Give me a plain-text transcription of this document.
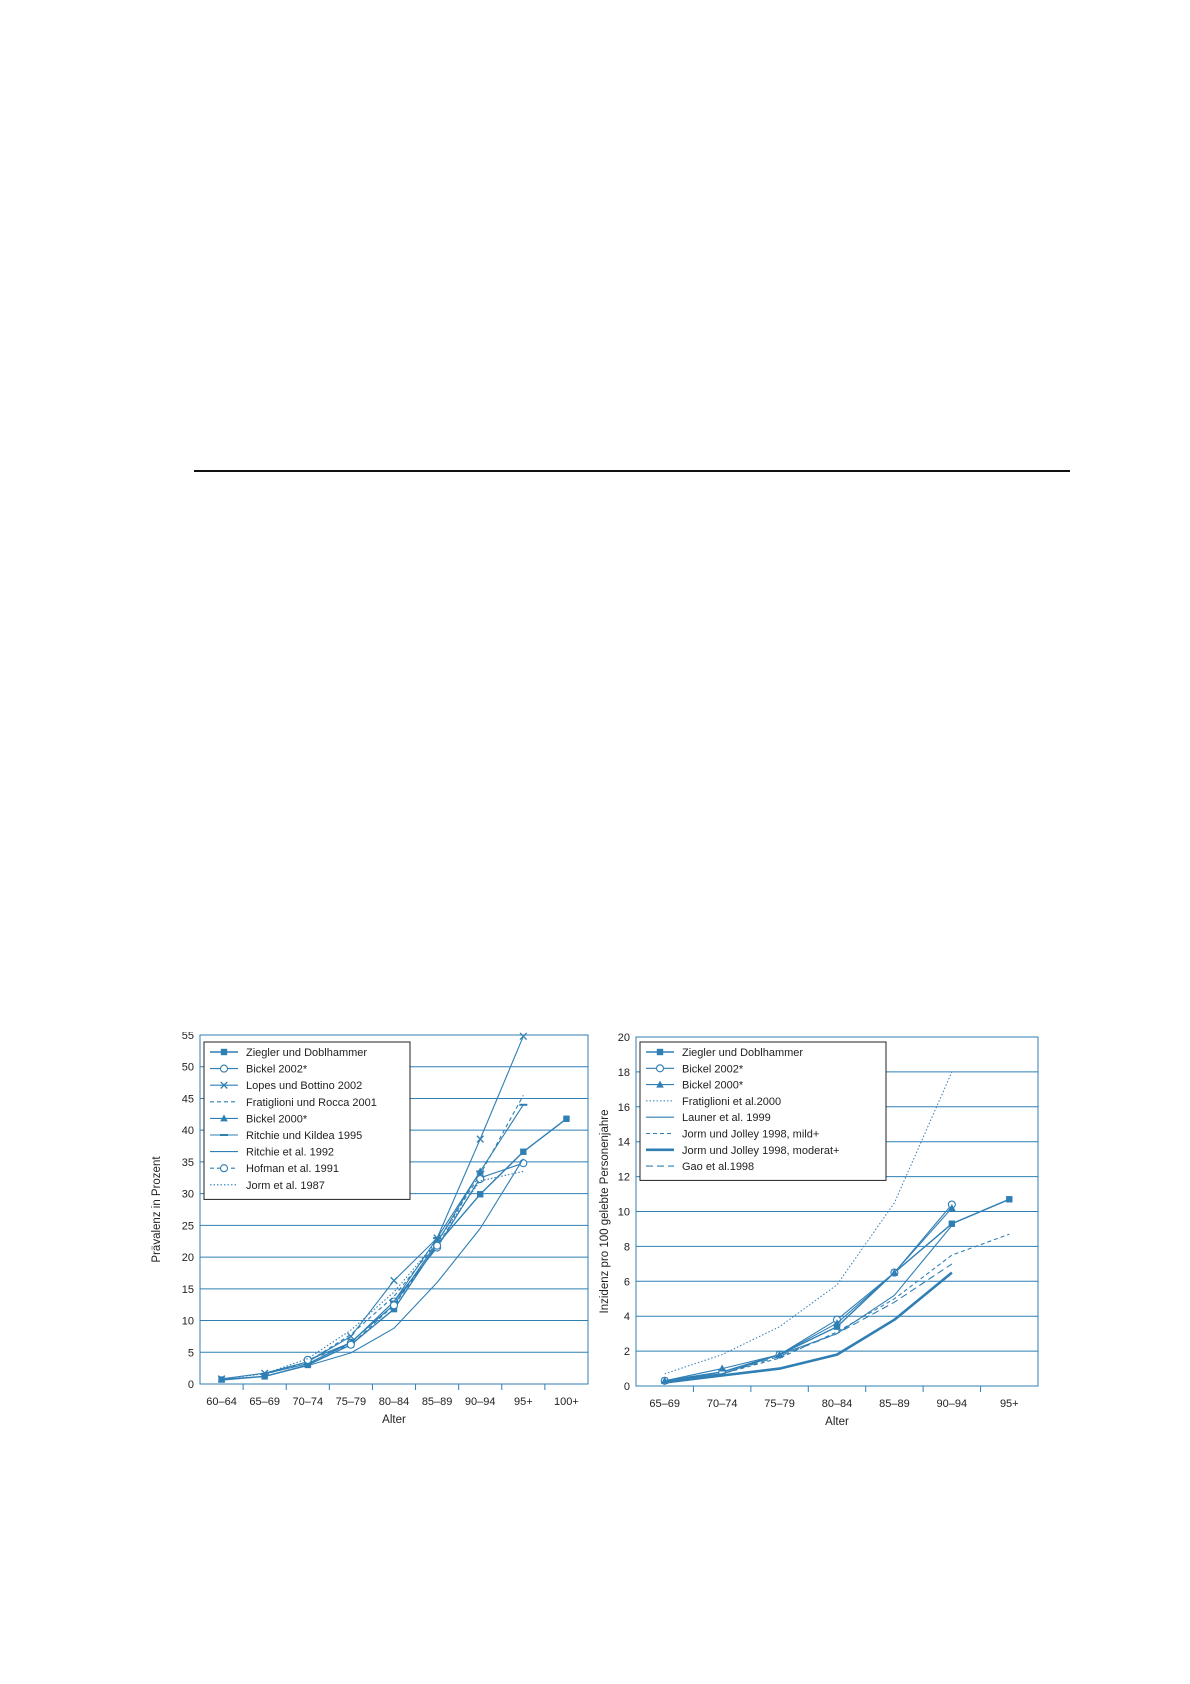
0
5
10
15
20
25
30
35
40
45
50
55
60–64 65–69 70–74 75–79 80–84 85–89 90–94 95+ 100+
Alter
Prävalenz in Prozent
Ziegler und Doblhammer
Bickel 2002*
Lopes und Bottino 2002
Fratiglioni und Rocca 2001
Bickel 2000*
Ritchie und Kildea 1995
Ritchie et al. 1992
Hofman et al. 1991
Jorm et al. 1987
0
2
4
6
8
10
12
14
16
18
20
65–69 70–74 75–79 80–84 85–89 90–94	95+
Alter
Inzidenz pro 100 gelebte Personenjahre
Ziegler und Doblhammer
Bickel 2002*
Bickel 2000*
Fratiglioni et al.2000
Launer et al. 1999
Jorm und Jolley 1998, mild+
Jorm und Jolley 1998, moderat+
Gao et al.1998
